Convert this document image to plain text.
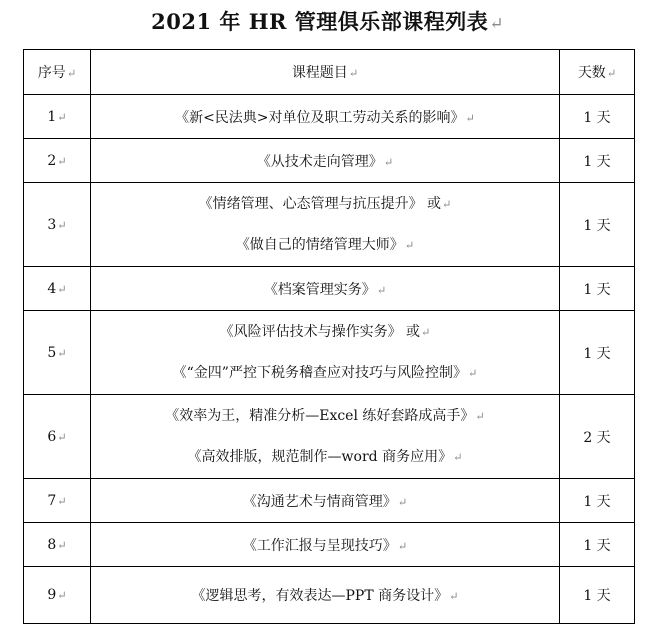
2021 年 HR 管理俱乐部课程列表↵
序号↵	课程题目↵	天数↵
1↵	《新<民法典>对单位及职工劳动关系的影响》↵	1 天
2↵	《从技术走向管理》↵	1 天
3↵	《情绪管理、心态管理与抗压提升》 或↵
《做自己的情绪管理大师》↵	1 天
4↵	《档案管理实务》↵	1 天
5↵	《风险评估技术与操作实务》 或↵
《“金四”严控下税务稽查应对技巧与风险控制》↵	1 天
6↵	《效率为王，精准分析—Excel 练好套路成高手》↵
《高效排版，规范制作—word 商务应用》↵	2 天
7↵	《沟通艺术与情商管理》↵	1 天
8↵	《工作汇报与呈现技巧》↵	1 天
9↵	《逻辑思考，有效表达—PPT 商务设计》↵	1 天
